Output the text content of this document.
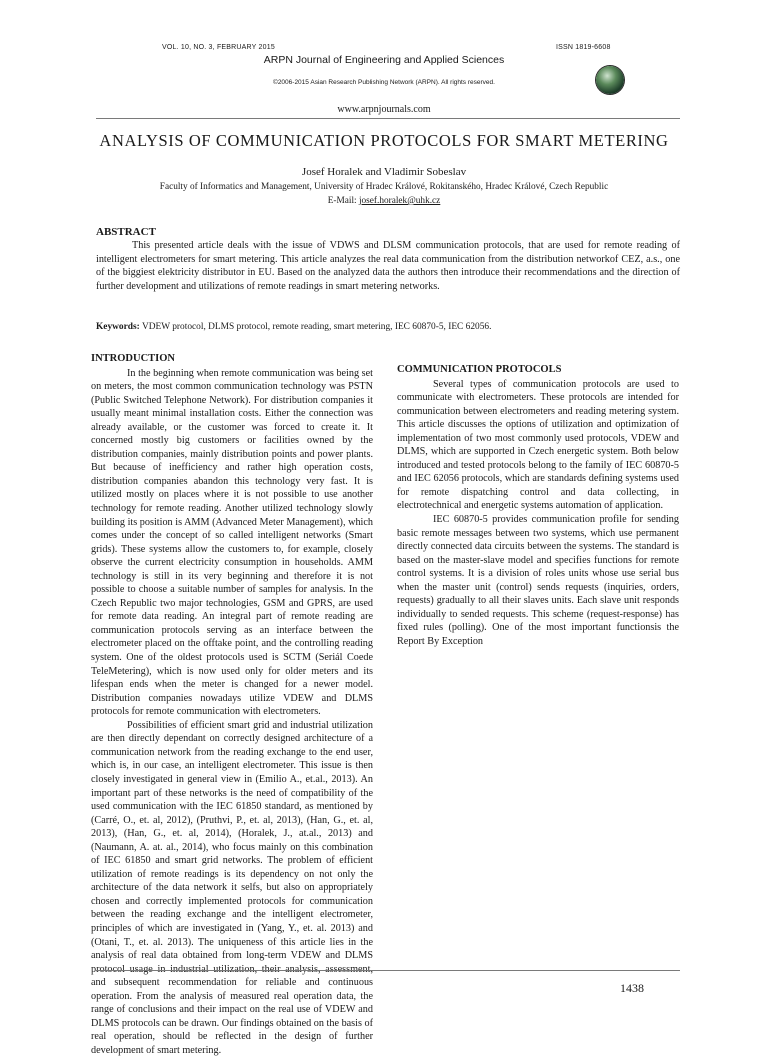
VOL. 10, NO. 3, FEBRUARY 2015	ISSN 1819-6608
ARPN Journal of Engineering and Applied Sciences
©2006-2015 Asian Research Publishing Network (ARPN). All rights reserved.
www.arpnjournals.com
ANALYSIS OF COMMUNICATION PROTOCOLS FOR SMART METERING
Josef Horalek and Vladimir Sobeslav
Faculty of Informatics and Management, University of Hradec Králové, Rokitanského, Hradec Králové, Czech Republic
E-Mail: josef.horalek@uhk.cz
ABSTRACT

This presented article deals with the issue of VDWS and DLSM communication protocols, that are used for remote reading of intelligent electrometers for smart metering. This article analyzes the real data communication from the distribution networkof CEZ, a.s., one of the biggiest elektricity distributor in EU. Based on the analyzed data the authors then introduce their recommendations and the direction of further development and utilizations of remote readings in smart metering networks.

Keywords: VDEW protocol, DLMS protocol, remote reading, smart metering, IEC 60870-5, IEC 62056.

INTRODUCTION

In the beginning when remote communication was being set on meters, the most common communication technology was PSTN (Public Switched Telephone Network). For distribution companies it usually meant minimal installation costs. Either the connection was already available, or the customer was forced to create it. It concerned mostly big customers or facilities owned by the distribution companies, mainly distribution points and power plants. But because of inefficiency and rather high operation costs, distribution companies abandon this technology very fast. It is utilized mostly on places where it is not possible to use another technology for remote reading. Another utilized technology slowly building its position is AMM (Advanced Meter Management), which comes under the concept of so called intelligent networks (Smart grids). These systems allow the customers to, for example, closely observe the current electricity consumption in households. AMM technology is still in its very beginning and therefore it is not possible to choose a suitable number of samples for analysis. In the Czech Republic two major technologies, GSM and GPRS, are used for remote data reading. An integral part of remote reading are communication protocols serving as an interface between the electrometer placed on the offtake point, and the controlling reading system. One of the oldest protocols used is SCTM (Seriál Coede TeleMetering), which is now used only for older meters and its lifespan ends when the meter is changed for a newer model. Distribution companies nowadays utilize VDEW and DLMS protocols for remote communication with electrometers.

Possibilities of efficient smart grid and industrial utilization are then directly dependant on correctly designed architecture of a communication network from the reading exchange to the end user, which is, in our case, an intelligent electrometer. This issue is then closely investigated in general view in (Emilio A., et.al., 2013). An important part of these networks is the need of compatibility of the used communication with the IEC 61850 standard, as mentioned by (Carré, O., et. al, 2012), (Pruthvi, P., et. al, 2013), (Han, G., et. al, 2013), (Han, G., et. al, 2014), (Horalek, J., at.al., 2013) and (Naumann, A. at. al., 2014), who focus mainly on this combination of IEC 61850 and smart grid networks. The problem of efficient utilization of remote readings is its dependency on not only the architecture of the data network it selfs, but also on appropriately chosen and correctly implemented protocols for communication between the reading exchange and the intelligent electrometer, principles of which are investigated in (Yang, Y., et. al. 2013) and (Otani, T., et. al. 2013). The uniqueness of this article lies in the analysis of real data obtained from long-term VDEW and DLMS protocol usage in industrial utilization, their analysis, assessment, and subsequent recommendation for reliable and continuous operation. From the analysis of measured real operation data, the range of conclusions and their impact on the real use of VDEW and DLMS protocols can be drawn. Our findings obtained on the basis of real operation, should be reflected in the design of further development of smart metering.

COMMUNICATION PROTOCOLS

Several types of communication protocols are used to communicate with electrometers. These protocols are intended for communication between electrometers and reading metering system. This article discusses the options of utilization and optimization of implementation of two most commonly used protocols, VDEW and DLMS, which are supported in Czech energetic system. Both below introduced and tested protocols belong to the family of IEC 60870-5 and IEC 62056 protocols, which are standards defining systems used for remote dispatching control and data collecting, in electrotechnical and energetic systems automation of application.

IEC 60870-5 provides communication profile for sending basic remote messages between two systems, which use permanent directly connected data circuits between the systems. The standard is based on the master-slave model and specifies functions for remote control systems. It is a division of roles units whose use serial bus when the master unit (control) sends requests (inquiries, orders, requests) gradually to all their slaves units. Each slave unit responds individually to sended requests. This scheme (request-response) has fixed rules (polling). One of the most important functionsis the Report By Exception

1438
